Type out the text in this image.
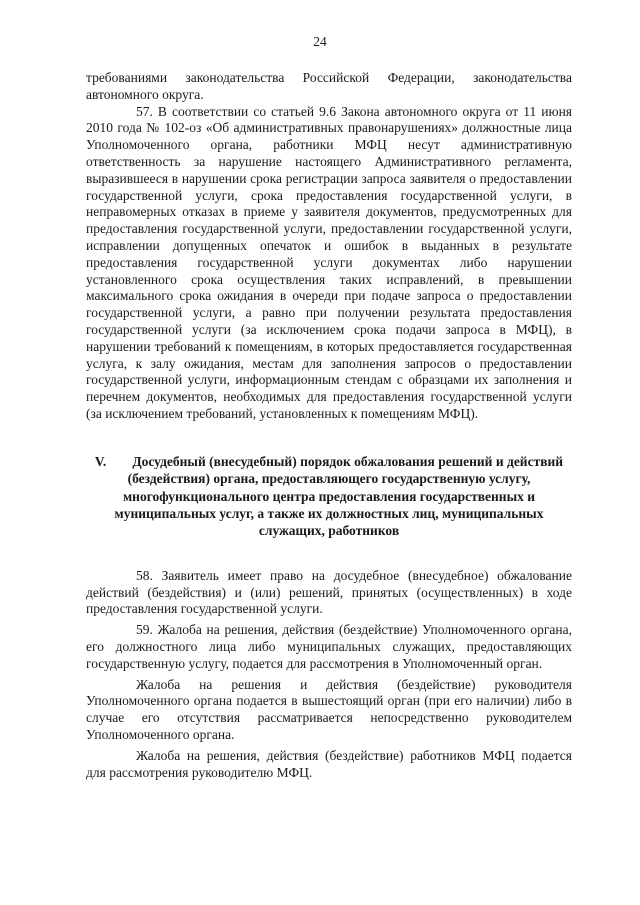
24

требованиями законодательства Российской Федерации, законодательства автономного округа.

57. В соответствии со статьей 9.6 Закона автономного округа от 11 июня 2010 года № 102-оз «Об административных правонарушениях» должностные лица Уполномоченного органа, работники МФЦ несут административную ответственность за нарушение настоящего Административного регламента, выразившееся в нарушении срока регистрации запроса заявителя о предоставлении государственной услуги, срока предоставления государственной услуги, в неправомерных отказах в приеме у заявителя документов, предусмотренных для предоставления государственной услуги, предоставлении государственной услуги, исправлении допущенных опечаток и ошибок в выданных в результате предоставления государственной услуги документах либо нарушении установленного срока осуществления таких исправлений, в превышении максимального срока ожидания в очереди при подаче запроса о предоставлении государственной услуги, а равно при получении результата предоставления государственной услуги (за исключением срока подачи запроса в МФЦ), в нарушении требований к помещениям, в которых предоставляется государственная услуга, к залу ожидания, местам для заполнения запросов о предоставлении государственной услуги, информационным стендам с образцами их заполнения и перечнем документов, необходимых для предоставления государственной услуги (за исключением требований, установленных к помещениям МФЦ).

V. Досудебный (внесудебный) порядок обжалования решений и действий (бездействия) органа, предоставляющего государственную услугу, многофункционального центра предоставления государственных и муниципальных услуг, а также их должностных лиц, муниципальных служащих, работников

58. Заявитель имеет право на досудебное (внесудебное) обжалование действий (бездействия) и (или) решений, принятых (осуществленных) в ходе предоставления государственной услуги.

59. Жалоба на решения, действия (бездействие) Уполномоченного органа, его должностного лица либо муниципальных служащих, предоставляющих государственную услугу, подается для рассмотрения в Уполномоченный орган.

Жалоба на решения и действия (бездействие) руководителя Уполномоченного органа подается в вышестоящий орган (при его наличии) либо в случае его отсутствия рассматривается непосредственно руководителем Уполномоченного органа.

Жалоба на решения, действия (бездействие) работников МФЦ подается для рассмотрения руководителю МФЦ.
